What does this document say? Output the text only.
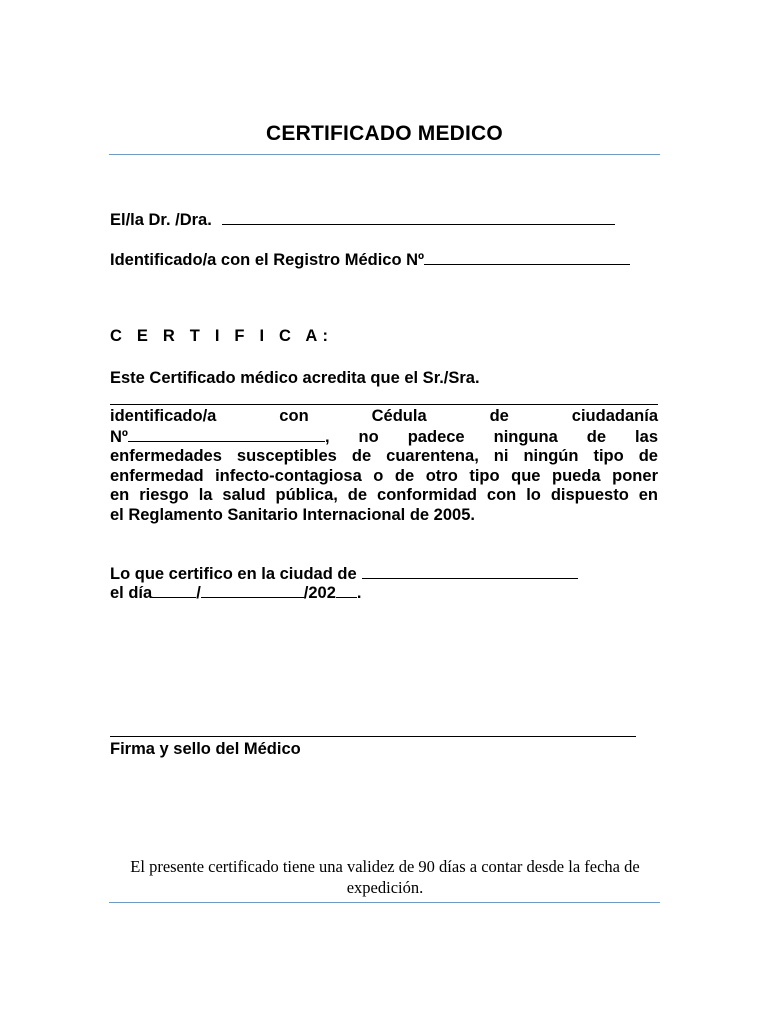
CERTIFICADO MEDICO
El/la Dr. /Dra.
Identificado/a con el Registro Médico Nº
C E R T I F I C A:
Este Certificado médico acredita que el Sr./Sra.
identificado/a con Cédula de ciudadanía
Nº	, no padece ninguna de las
enfermedades susceptibles de cuarentena, ni ningún tipo de
enfermedad infecto-contagiosa o de otro tipo que pueda poner
en riesgo la salud pública, de conformidad con lo dispuesto en
el Reglamento Sanitario Internacional de 2005.
Lo que certifico en la ciudad de
el día	/	/202 .
Firma y sello del Médico
El presente certificado tiene una validez de 90 días a contar desde la fecha de expedición.
